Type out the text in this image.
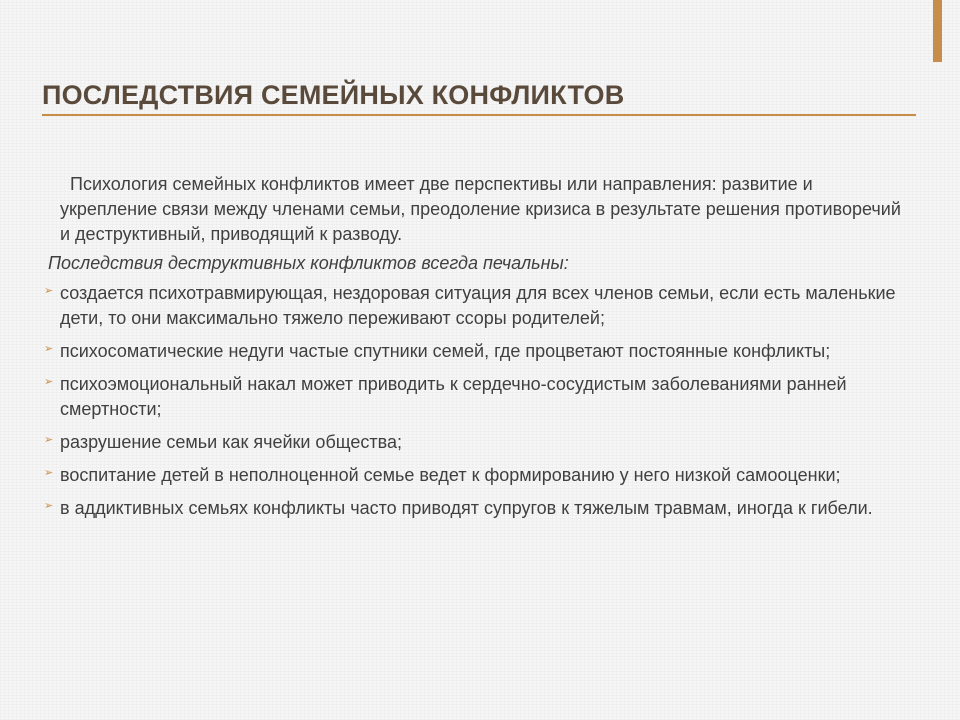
ПОСЛЕДСТВИЯ СЕМЕЙНЫХ КОНФЛИКТОВ

Психология семейных конфликтов имеет две перспективы или направления: развитие и укрепление связи между членами семьи, преодоление кризиса в результате решения противоречий и деструктивный, приводящий к разводу.

Последствия деструктивных конфликтов всегда печальны:

➢ создается психотравмирующая, нездоровая ситуация для всех членов семьи, если есть маленькие дети, то они максимально тяжело переживают ссоры родителей;
➢ психосоматические недуги частые спутники семей, где процветают постоянные конфликты;
➢ психоэмоциональный накал может приводить к сердечно-сосудистым заболеваниями ранней смертности;
➢ разрушение семьи как ячейки общества;
➢ воспитание детей в неполноценной семье ведет к формированию у него низкой самооценки;
➢ в аддиктивных семьях конфликты часто приводят супругов к тяжелым травмам, иногда к гибели.
